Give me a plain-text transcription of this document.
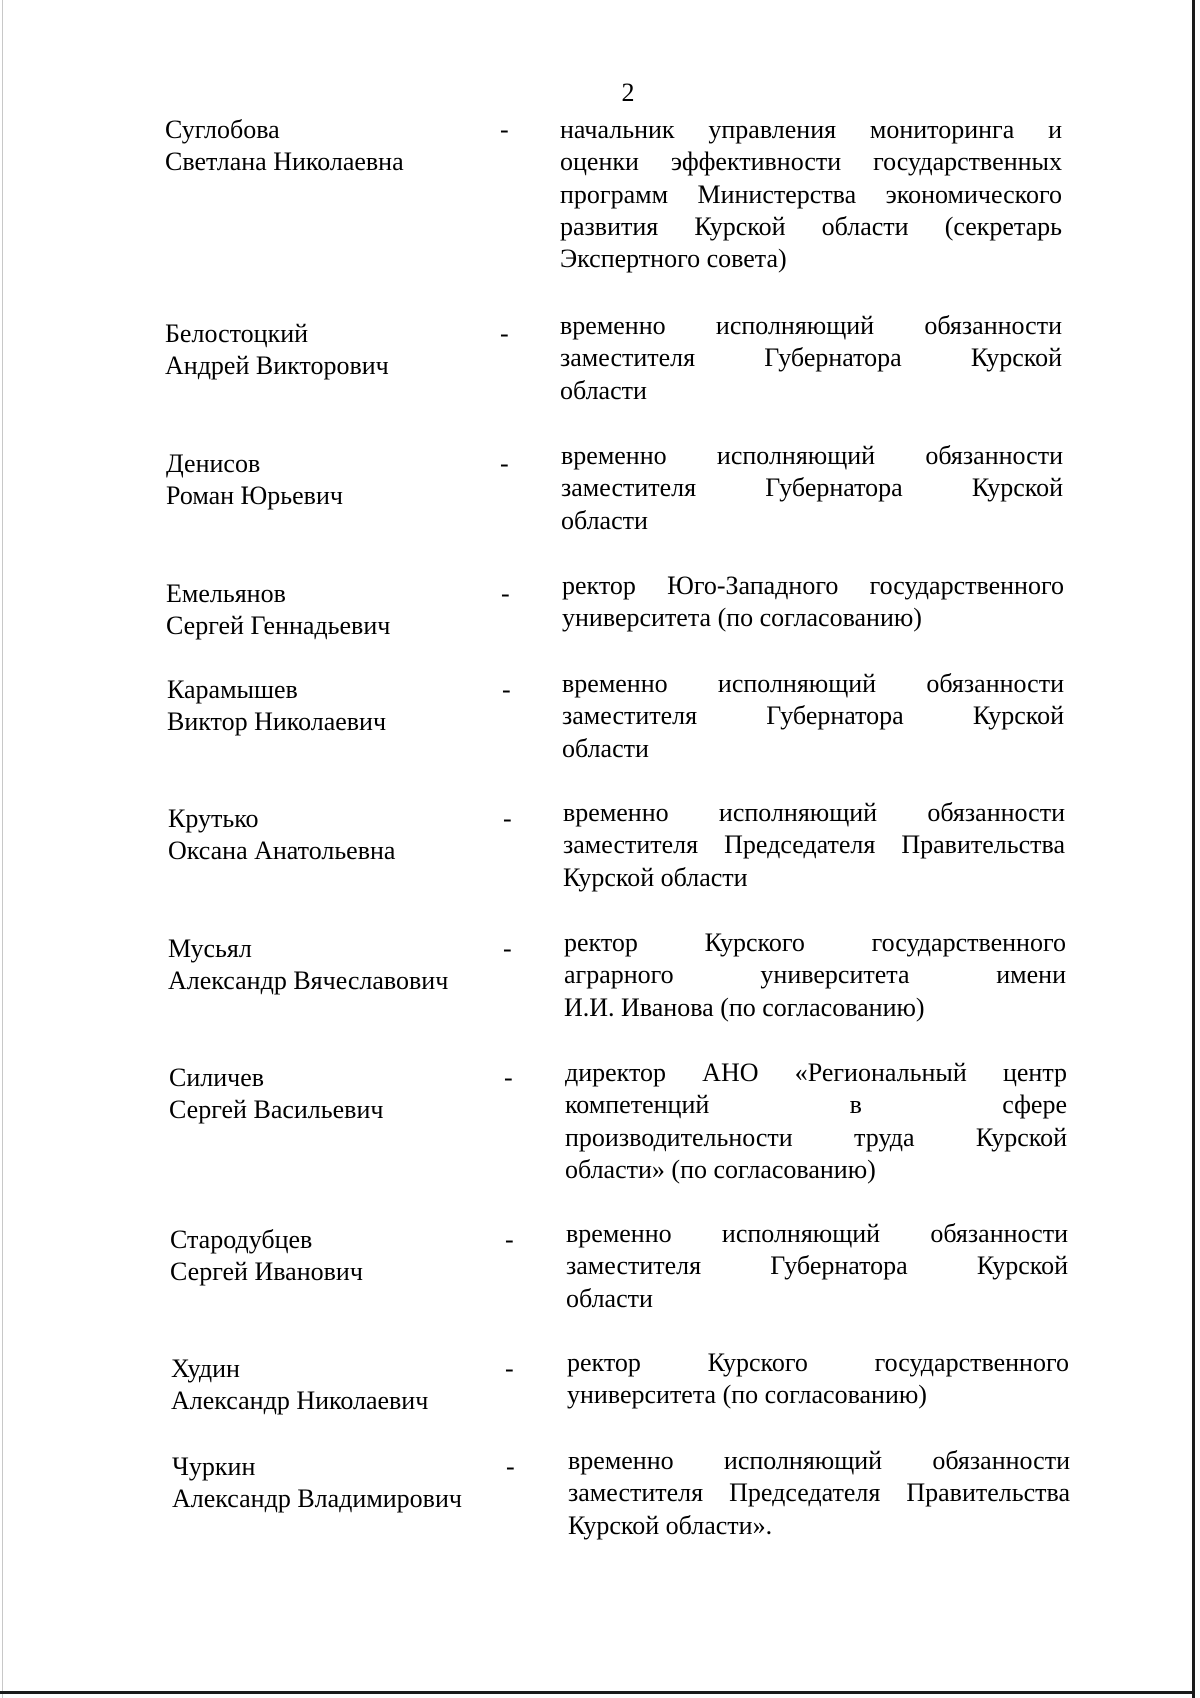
2
Суглобова
Светлана Николаевна
- начальник управления мониторинга и
оценки эффективности государственных
программ Министерства экономического
развития Курской области (секретарь
Экспертного совета)
Белостоцкий
Андрей Викторович
- временно исполняющий обязанности
заместителя Губернатора Курской
области
Денисов
Роман Юрьевич
- временно исполняющий обязанности
заместителя Губернатора Курской
области
Емельянов
Сергей Геннадьевич
- ректор Юго-Западного государственного
университета (по согласованию)
Карамышев
Виктор Николаевич
- временно исполняющий обязанности
заместителя Губернатора Курской
области
Крутько
Оксана Анатольевна
- временно исполняющий обязанности
заместителя Председателя Правительства
Курской области
Мусьял
Александр Вячеславович
- ректор Курского государственного
аграрного университета имени
И.И. Иванова (по согласованию)
Силичев
Сергей Васильевич
- директор АНО «Региональный центр
компетенций в сфере
производительности труда Курской
области» (по согласованию)
Стародубцев
Сергей Иванович
- временно исполняющий обязанности
заместителя Губернатора Курской
области
Худин
Александр Николаевич
- ректор Курского государственного
университета (по согласованию)
Чуркин
Александр Владимирович
- временно исполняющий обязанности
заместителя Председателя Правительства
Курской области».
